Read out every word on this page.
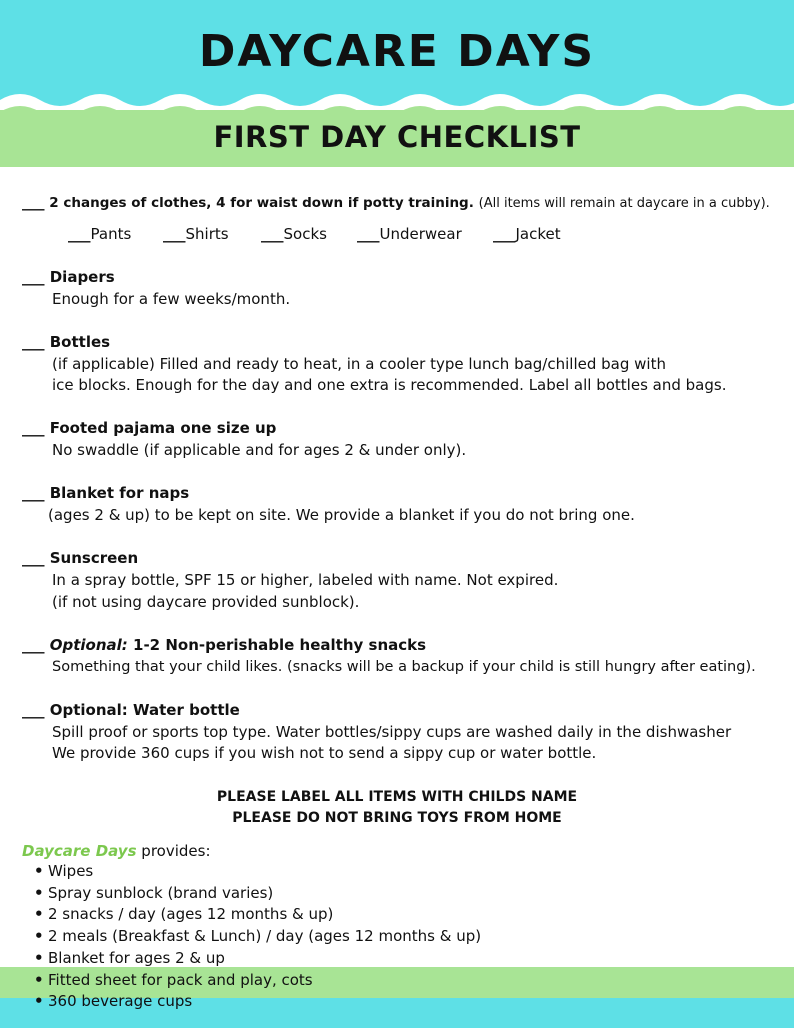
DAYCARE DAYS
FIRST DAY CHECKLIST
___ 2 changes of clothes, 4 for waist down if potty training. (All items will remain at daycare in a cubby).
___Pants ___Shirts ___Socks ___Underwear ___Jacket
___ Diapers
Enough for a few weeks/month.
___ Bottles
(if applicable) Filled and ready to heat, in a cooler type lunch bag/chilled bag with
ice blocks. Enough for the day and one extra is recommended. Label all bottles and bags.
___ Footed pajama one size up
No swaddle (if applicable and for ages 2 & under only).
___ Blanket for naps
(ages 2 & up) to be kept on site. We provide a blanket if you do not bring one.
___ Sunscreen
In a spray bottle, SPF 15 or higher, labeled with name. Not expired.
(if not using daycare provided sunblock).
___ Optional: 1-2 Non-perishable healthy snacks
Something that your child likes. (snacks will be a backup if your child is still hungry after eating).
___ Optional: Water bottle
Spill proof or sports top type. Water bottles/sippy cups are washed daily in the dishwasher
We provide 360 cups if you wish not to send a sippy cup or water bottle.
PLEASE LABEL ALL ITEMS WITH CHILDS NAME
PLEASE DO NOT BRING TOYS FROM HOME
Daycare Days provides:
• Wipes
• Spray sunblock (brand varies)
• 2 snacks / day (ages 12 months & up)
• 2 meals (Breakfast & Lunch) / day (ages 12 months & up)
• Blanket for ages 2 & up
• Fitted sheet for pack and play, cots
• 360 beverage cups
